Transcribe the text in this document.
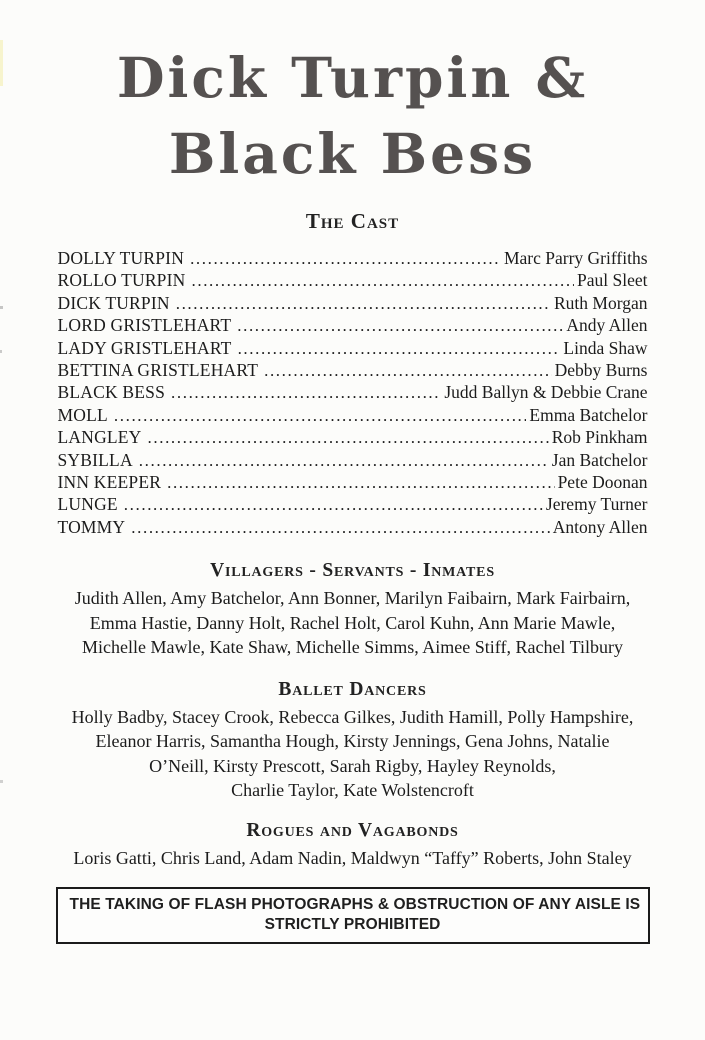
Dick Turpin &
Black Bess
The Cast
DOLLY TURPIN .....	Marc Parry Griffiths
ROLLO TURPIN .....	Paul Sleet
DICK TURPIN .....	Ruth Morgan
LORD GRISTLEHART .....	Andy Allen
LADY GRISTLEHART .....	Linda Shaw
BETTINA GRISTLEHART .....	Debby Burns
BLACK BESS .....	Judd Ballyn & Debbie Crane
MOLL .....	Emma Batchelor
LANGLEY .....	Rob Pinkham
SYBILLA .....	Jan Batchelor
INN KEEPER .....	Pete Doonan
LUNGE .....	Jeremy Turner
TOMMY .....	Antony Allen
Villagers - Servants - Inmates
Judith Allen, Amy Batchelor, Ann Bonner, Marilyn Faibairn, Mark Fairbairn,
Emma Hastie, Danny Holt, Rachel Holt, Carol Kuhn, Ann Marie Mawle,
Michelle Mawle, Kate Shaw, Michelle Simms, Aimee Stiff, Rachel Tilbury
Ballet Dancers
Holly Badby, Stacey Crook, Rebecca Gilkes, Judith Hamill, Polly Hampshire,
Eleanor Harris, Samantha Hough, Kirsty Jennings, Gena Johns, Natalie
O’Neill, Kirsty Prescott, Sarah Rigby, Hayley Reynolds,
Charlie Taylor, Kate Wolstencroft
Rogues and Vagabonds
Loris Gatti, Chris Land, Adam Nadin, Maldwyn “Taffy” Roberts, John Staley
THE TAKING OF FLASH PHOTOGRAPHS & OBSTRUCTION OF ANY AISLE IS
STRICTLY PROHIBITED
